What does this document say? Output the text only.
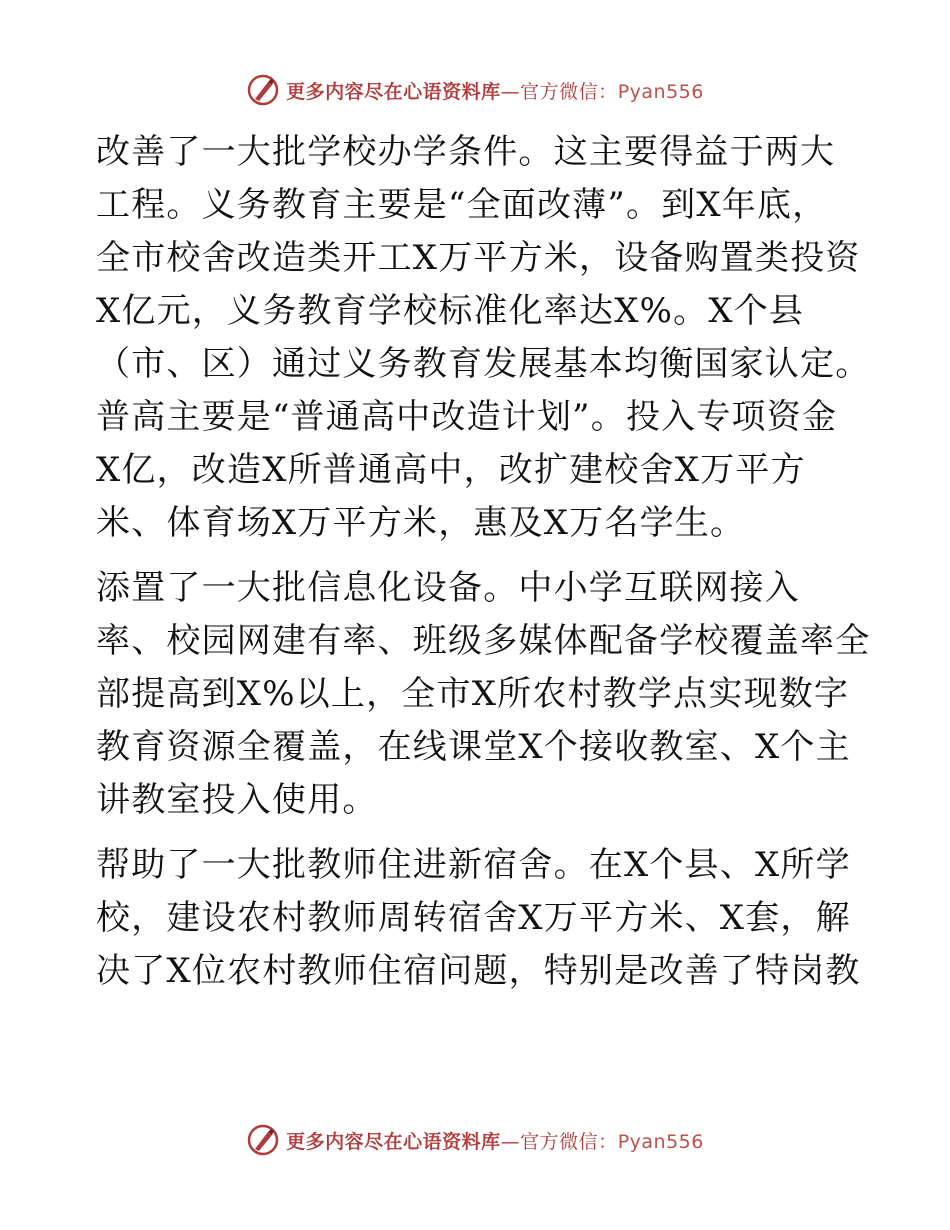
更多内容尽在心语资料库—官方微信：Pyan556
改善了一大批学校办学条件。这主要得益于两大
工程。义务教育主要是“全面改薄”。到X年底，
全市校舍改造类开工X万平方米，设备购置类投资
X亿元，义务教育学校标准化率达X%。X个县
（市、区）通过义务教育发展基本均衡国家认定。
普高主要是“普通高中改造计划”。投入专项资金
X亿，改造X所普通高中，改扩建校舍X万平方
米、体育场X万平方米，惠及X万名学生。
添置了一大批信息化设备。中小学互联网接入
率、校园网建有率、班级多媒体配备学校覆盖率全
部提高到X%以上，全市X所农村教学点实现数字
教育资源全覆盖，在线课堂X个接收教室、X个主
讲教室投入使用。
帮助了一大批教师住进新宿舍。在X个县、X所学
校，建设农村教师周转宿舍X万平方米、X套，解
决了X位农村教师住宿问题，特别是改善了特岗教
更多内容尽在心语资料库—官方微信：Pyan556
